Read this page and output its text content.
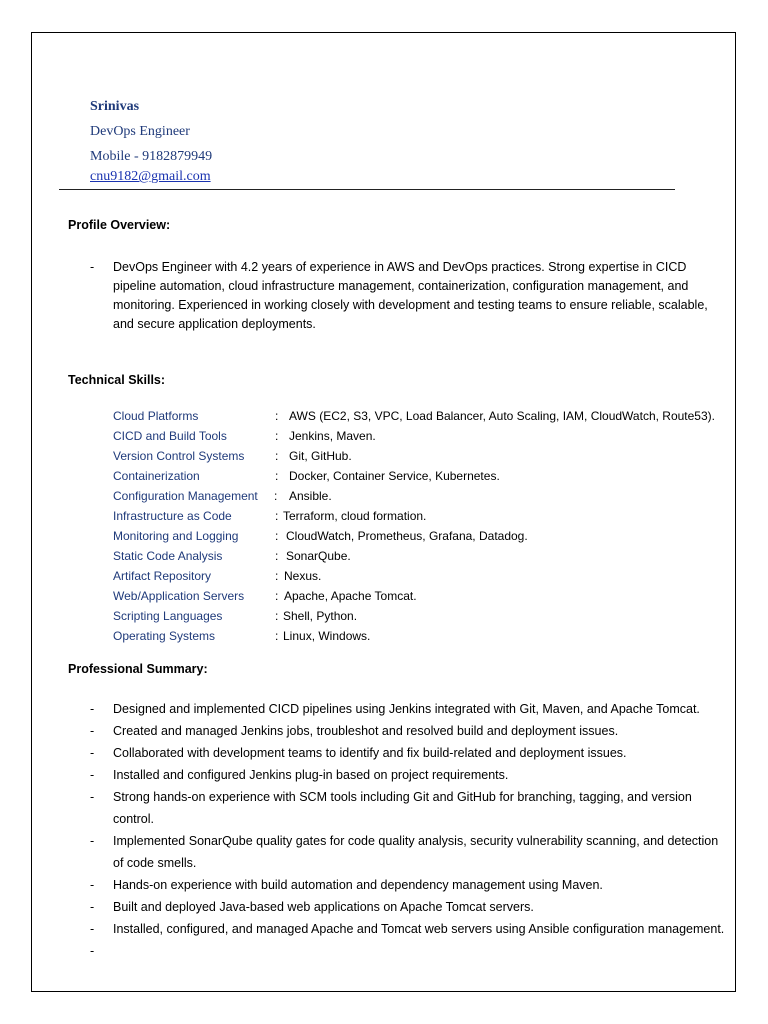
Srinivas
DevOps Engineer
Mobile - 9182879949
cnu9182@gmail.com
Profile Overview:
- DevOps Engineer with 4.2 years of experience in AWS and DevOps practices. Strong expertise in CICD pipeline automation, cloud infrastructure management, containerization, configuration management, and monitoring. Experienced in working closely with development and testing teams to ensure reliable, scalable, and secure application deployments.
Technical Skills:
Cloud Platforms	: AWS (EC2, S3, VPC, Load Balancer, Auto Scaling, IAM, CloudWatch, Route53).
CICD and Build Tools	: Jenkins, Maven.
Version Control Systems	: Git, GitHub.
Containerization	: Docker, Container Service, Kubernetes.
Configuration Management : Ansible.
Infrastructure as Code	: Terraform, cloud formation.
Monitoring and Logging	: CloudWatch, Prometheus, Grafana, Datadog.
Static Code Analysis	: SonarQube.
Artifact Repository	: Nexus.
Web/Application Servers	: Apache, Apache Tomcat.
Scripting Languages	: Shell, Python.
Operating Systems	: Linux, Windows.
Professional Summary:
- Designed and implemented CICD pipelines using Jenkins integrated with Git, Maven, and Apache Tomcat.
- Created and managed Jenkins jobs, troubleshot and resolved build and deployment issues.
- Collaborated with development teams to identify and fix build-related and deployment issues.
- Installed and configured Jenkins plug-in based on project requirements.
- Strong hands-on experience with SCM tools including Git and GitHub for branching, tagging, and version control.
- Implemented SonarQube quality gates for code quality analysis, security vulnerability scanning, and detection of code smells.
- Hands-on experience with build automation and dependency management using Maven.
- Built and deployed Java-based web applications on Apache Tomcat servers.
- Installed, configured, and managed Apache and Tomcat web servers using Ansible configuration management.
-
